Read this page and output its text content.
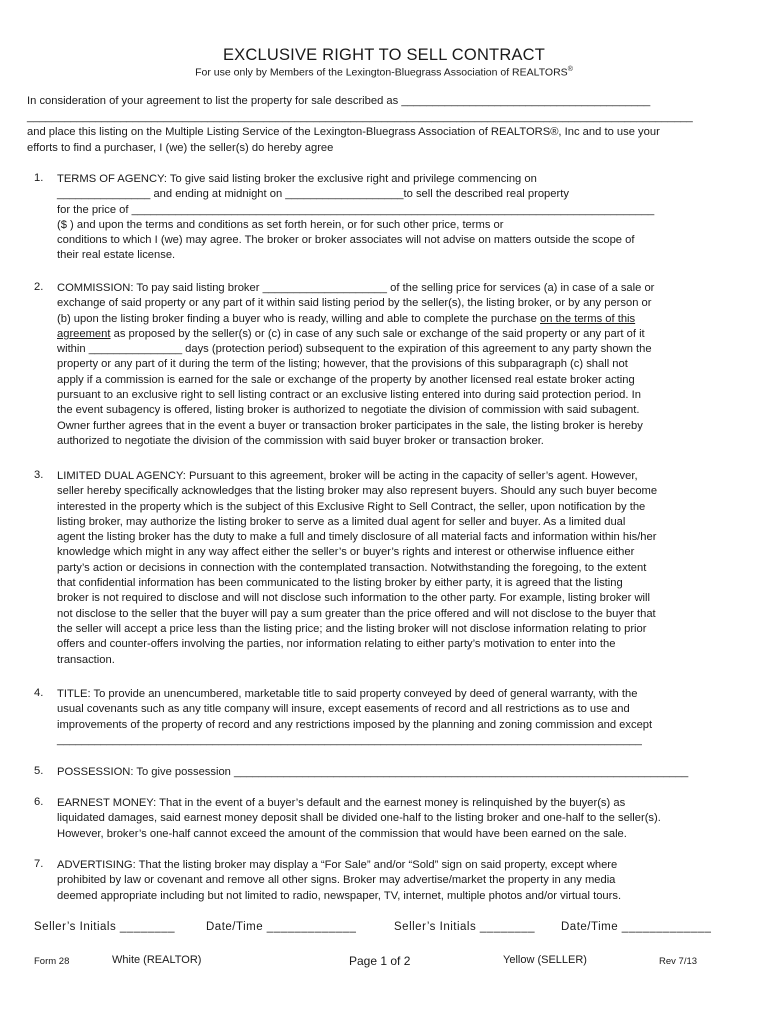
EXCLUSIVE RIGHT TO SELL CONTRACT
For use only by Members of the Lexington-Bluegrass Association of REALTORS®
In consideration of your agreement to list the property for sale described as ________________________________________
___________________________________________________________________________________________________________
and place this listing on the Multiple Listing Service of the Lexington-Bluegrass Association of REALTORS®, Inc and to use your
efforts to find a purchaser, I (we) the seller(s) do hereby agree
1. TERMS OF AGENCY: To give said listing broker the exclusive right and privilege commencing on
_______________ and ending at midnight on ___________________to sell the described real property
for the price of ____________________________________________________________________________________
($ ) and upon the terms and conditions as set forth herein, or for such other price, terms or
conditions to which I (we) may agree. The broker or broker associates will not advise on matters outside the scope of
their real estate license.
2. COMMISSION: To pay said listing broker ____________________ of the selling price for services (a) in case of a sale or
exchange of said property or any part of it within said listing period by the seller(s), the listing broker, or by any person or
(b) upon the listing broker finding a buyer who is ready, willing and able to complete the purchase on the terms of this
agreement as proposed by the seller(s) or (c) in case of any such sale or exchange of the said property or any part of it
within _______________ days (protection period) subsequent to the expiration of this agreement to any party shown the
property or any part of it during the term of the listing; however, that the provisions of this subparagraph (c) shall not
apply if a commission is earned for the sale or exchange of the property by another licensed real estate broker acting
pursuant to an exclusive right to sell listing contract or an exclusive listing entered into during said protection period. In
the event subagency is offered, listing broker is authorized to negotiate the division of commission with said subagent.
Owner further agrees that in the event a buyer or transaction broker participates in the sale, the listing broker is hereby
authorized to negotiate the division of the commission with said buyer broker or transaction broker.
3. LIMITED DUAL AGENCY: Pursuant to this agreement, broker will be acting in the capacity of seller’s agent. However,
seller hereby specifically acknowledges that the listing broker may also represent buyers. Should any such buyer become
interested in the property which is the subject of this Exclusive Right to Sell Contract, the seller, upon notification by the
listing broker, may authorize the listing broker to serve as a limited dual agent for seller and buyer. As a limited dual
agent the listing broker has the duty to make a full and timely disclosure of all material facts and information within his/her
knowledge which might in any way affect either the seller’s or buyer’s rights and interest or otherwise influence either
party’s action or decisions in connection with the contemplated transaction. Notwithstanding the foregoing, to the extent
that confidential information has been communicated to the listing broker by either party, it is agreed that the listing
broker is not required to disclose and will not disclose such information to the other party. For example, listing broker will
not disclose to the seller that the buyer will pay a sum greater than the price offered and will not disclose to the buyer that
the seller will accept a price less than the listing price; and the listing broker will not disclose information relating to prior
offers and counter-offers involving the parties, nor information relating to either party’s motivation to enter into the
transaction.
4. TITLE: To provide an unencumbered, marketable title to said property conveyed by deed of general warranty, with the
usual covenants such as any title company will insure, except easements of record and all restrictions as to use and
improvements of the property of record and any restrictions imposed by the planning and zoning commission and except
______________________________________________________________________________________________
5. POSSESSION: To give possession _________________________________________________________________________
6. EARNEST MONEY: That in the event of a buyer’s default and the earnest money is relinquished by the buyer(s) as
liquidated damages, said earnest money deposit shall be divided one-half to the listing broker and one-half to the seller(s).
However, broker’s one-half cannot exceed the amount of the commission that would have been earned on the sale.
7. ADVERTISING: That the listing broker may display a “For Sale” and/or “Sold” sign on said property, except where
prohibited by law or covenant and remove all other signs. Broker may advertise/market the property in any media
deemed appropriate including but not limited to radio, newspaper, TV, internet, multiple photos and/or virtual tours.
Seller’s Initials ________	Date/Time _____________	Seller’s Initials ________ Date/Time _____________
Form 28	White (REALTOR)	Page 1 of 2	Yellow (SELLER)	Rev 7/13
